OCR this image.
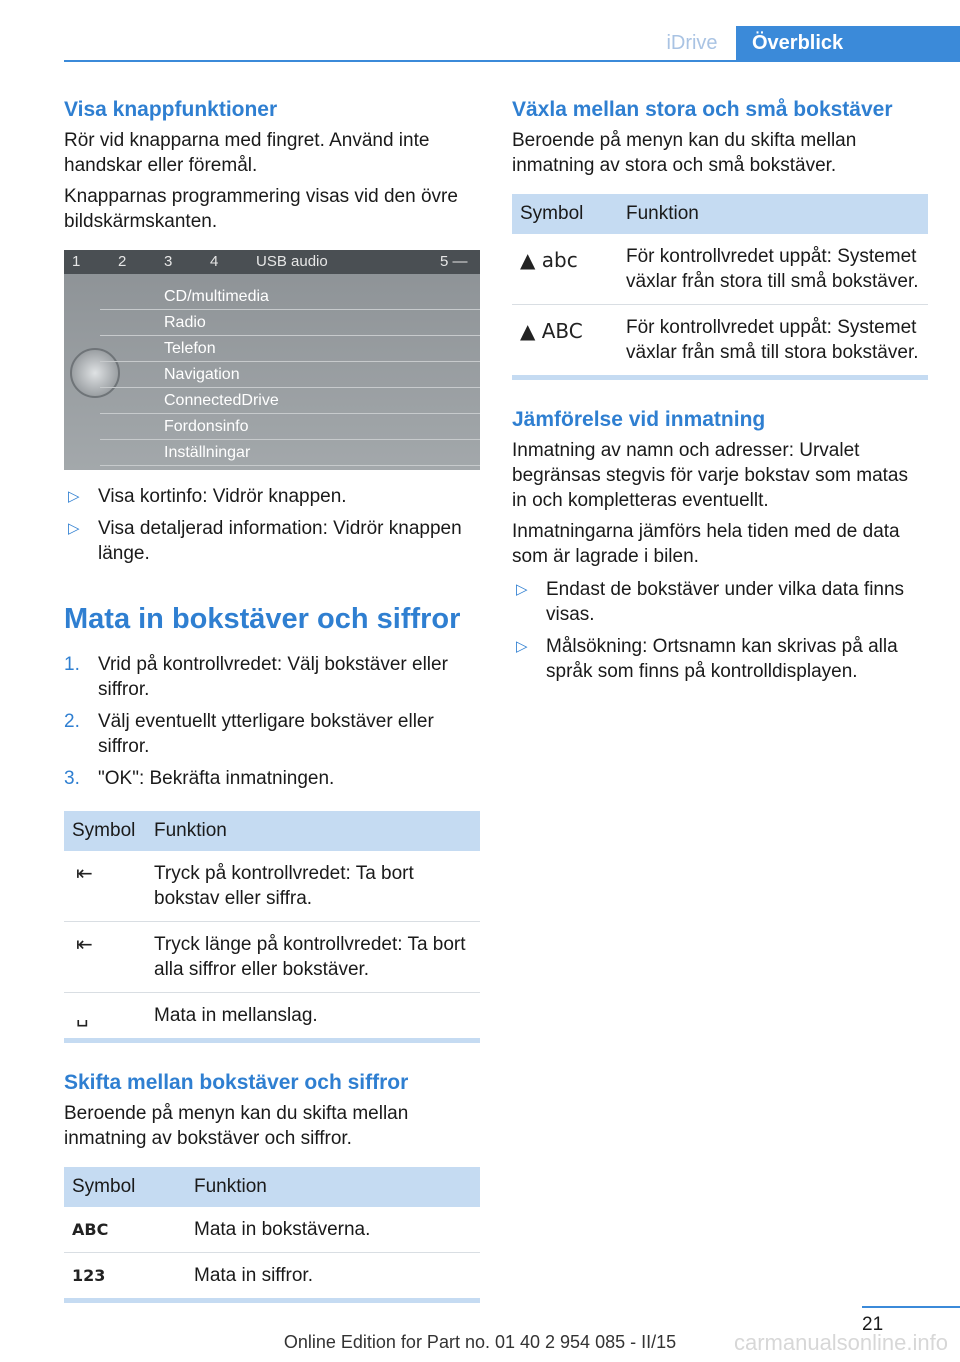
iDrive	Överblick
Visa knappfunktioner

Rör vid knapparna med fingret. Använd inte handskar eller föremål.

Knapparnas programmering visas vid den övre bildskärmskanten.

1	2	3	4	USB audio	5 —
CD/multimedia
Radio
Telefon
Navigation
ConnectedDrive
Fordonsinfo
Inställningar
▷ Visa kortinfo: Vidrör knappen.
▷ Visa detaljerad information: Vidrör knappen länge.
Mata in bokstäver och siffror
1. Vrid på kontrollvredet: Välj bokstäver eller siffror.
2. Välj eventuellt ytterligare bokstäver eller siffror.
3. "OK": Bekräfta inmatningen.
Symbol	Funktion
⇤	Tryck på kontrollvredet: Ta bort bokstav eller siffra.
⇤	Tryck länge på kontrollvredet: Ta bort alla siffror eller bokstäver.
␣	Mata in mellanslag.
Skifta mellan bokstäver och siffror

Beroende på menyn kan du skifta mellan inmatning av bokstäver och siffror.

Symbol	Funktion
ABC	Mata in bokstäverna.
123	Mata in siffror.
Växla mellan stora och små bokstäver

Beroende på menyn kan du skifta mellan inmatning av stora och små bokstäver.

Symbol	Funktion
▲ abc	För kontrollvredet uppåt: Systemet växlar från stora till små bokstäver.
▲ ABC	För kontrollvredet uppåt: Systemet växlar från små till stora bokstäver.
Jämförelse vid inmatning

Inmatning av namn och adresser: Urvalet begränsas stegvis för varje bokstav som matas in och kompletteras eventuellt.

Inmatningarna jämförs hela tiden med de data som är lagrade i bilen.

▷ Endast de bokstäver under vilka data finns visas.
▷ Målsökning: Ortsnamn kan skrivas på alla språk som finns på kontrolldisplayen.
21
Online Edition for Part no. 01 40 2 954 085 - II/15	carmanualsonline.info
